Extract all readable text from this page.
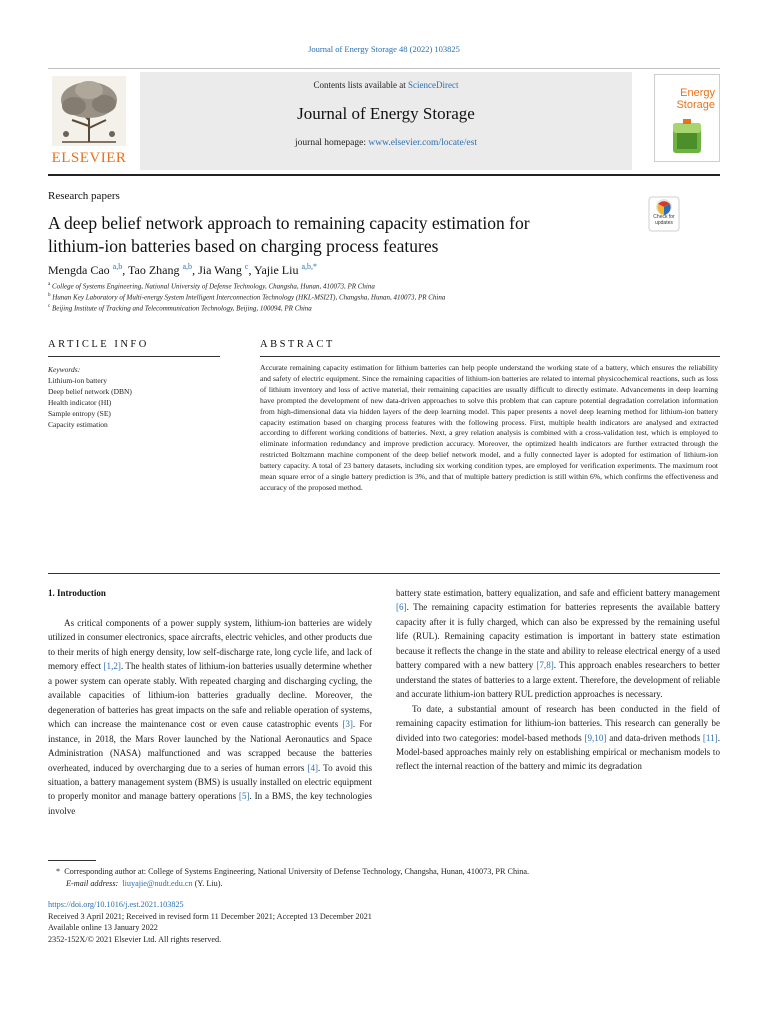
Journal of Energy Storage 48 (2022) 103825
ELSEVIER
Contents lists available at ScienceDirect
Journal of Energy Storage
journal homepage: www.elsevier.com/locate/est
Energy
Storage
Research papers
A deep belief network approach to remaining capacity estimation for
lithium-ion batteries based on charging process features
Check for updates
Mengda Cao $^{a,b}$, Tao Zhang $^{a,b}$, Jia Wang $^c$, Yajie Liu $^{a,b,*}$
$^a$ College of Systems Engineering, National University of Defense Technology, Changsha, Hunan, 410073, PR China
$^b$ Hunan Key Laboratory of Multi-energy System Intelligent Interconnection Technology (HKL-MSI2T), Changsha, Hunan, 410073, PR China
$^c$ Beijing Institute of Tracking and Telecommunication Technology, Beijing, 100094, PR China
ARTICLE INFO	ABSTRACT
Keywords:
Lithium-ion battery
Deep belief network (DBN)
Health indicator (HI)
Sample entropy (SE)
Capacity estimation
Accurate remaining capacity estimation for lithium batteries can help people understand the working state of a battery, which ensures the reliability and safety of electric equipment. Since the remaining capacities of lithium-ion batteries are related to internal physicochemical reactions, such as loss of lithium inventory and loss of active material, their remaining capacities are usually difficult to directly estimate. Advancements in deep learning have prompted the development of new data-driven approaches to solve this problem that can capture potential degradation correlation information from high-dimensional data via hidden layers of the deep learning model. This paper presents a novel deep learning method for lithium-ion battery capacity estimation based on charging process features with the following process. First, multiple health indicators are analysed and extracted according to different working conditions of batteries. Next, a grey relation analysis is combined with a cross-validation test, which is employed to eliminate information redundancy and improve prediction accuracy. Moreover, the optimized health indicators are further extracted through the restricted Boltzmann machine component of the deep belief network model, and a fully connected layer is adopted for estimation of lithium-ion battery capacity. A total of 23 battery datasets, including six working condition types, are employed for verification experiments. The maximum root mean square error of a single battery prediction is 3%, and that of multiple battery prediction is still within 6%, which confirms the effectiveness and accuracy of the proposed method.
1. Introduction

As critical components of a power supply system, lithium-ion batteries are widely utilized in consumer electronics, space aircrafts, electric vehicles, and other products due to their merits of high energy density, low self-discharge rate, long cycle life, and lack of memory effect [1,2]. The health states of lithium-ion batteries usually determine whether a power system can operate stably. With repeated charging and discharging cycling, the available capacities of lithium-ion batteries gradually decline. Moreover, the degeneration of batteries has great impacts on the safe and reliable operation of systems, which can increase the maintenance cost or even cause catastrophic events [3]. For instance, in 2018, the Mars Rover launched by the National Aeronautics and Space Administration (NASA) malfunctioned and was scrapped because the batteries overheated, induced by overcharging due to a series of human errors [4]. To avoid this situation, a battery management system (BMS) is usually installed on electric equipment to properly monitor and manage battery operations [5]. In a BMS, the key technologies involve

battery state estimation, battery equalization, and safe and efficient battery management [6]. The remaining capacity estimation for batteries represents the available battery capacity after it is fully charged, which can also be expressed by the remaining useful life (RUL). Remaining capacity estimation is important in battery state estimation because it reflects the change in the state and ability to release electrical energy of a used battery compared with a new battery [7,8]. This approach enables researchers to better understand the states of batteries to a large extent. Therefore, the development of reliable and accurate lithium-ion battery RUL prediction approaches is necessary.

To date, a substantial amount of research has been conducted in the field of remaining capacity estimation for lithium-ion batteries. This research can generally be divided into two categories: model-based methods [9,10] and data-driven methods [11]. Model-based approaches mainly rely on establishing empirical or mechanism models to reflect the internal reaction of the battery and mimic its degradation

* Corresponding author at: College of Systems Engineering, National University of Defense Technology, Changsha, Hunan, 410073, PR China.
E-mail address: liuyajie@nudt.edu.cn (Y. Liu).
https://doi.org/10.1016/j.est.2021.103825
Received 3 April 2021; Received in revised form 11 December 2021; Accepted 13 December 2021
Available online 13 January 2022
2352-152X/© 2021 Elsevier Ltd. All rights reserved.
